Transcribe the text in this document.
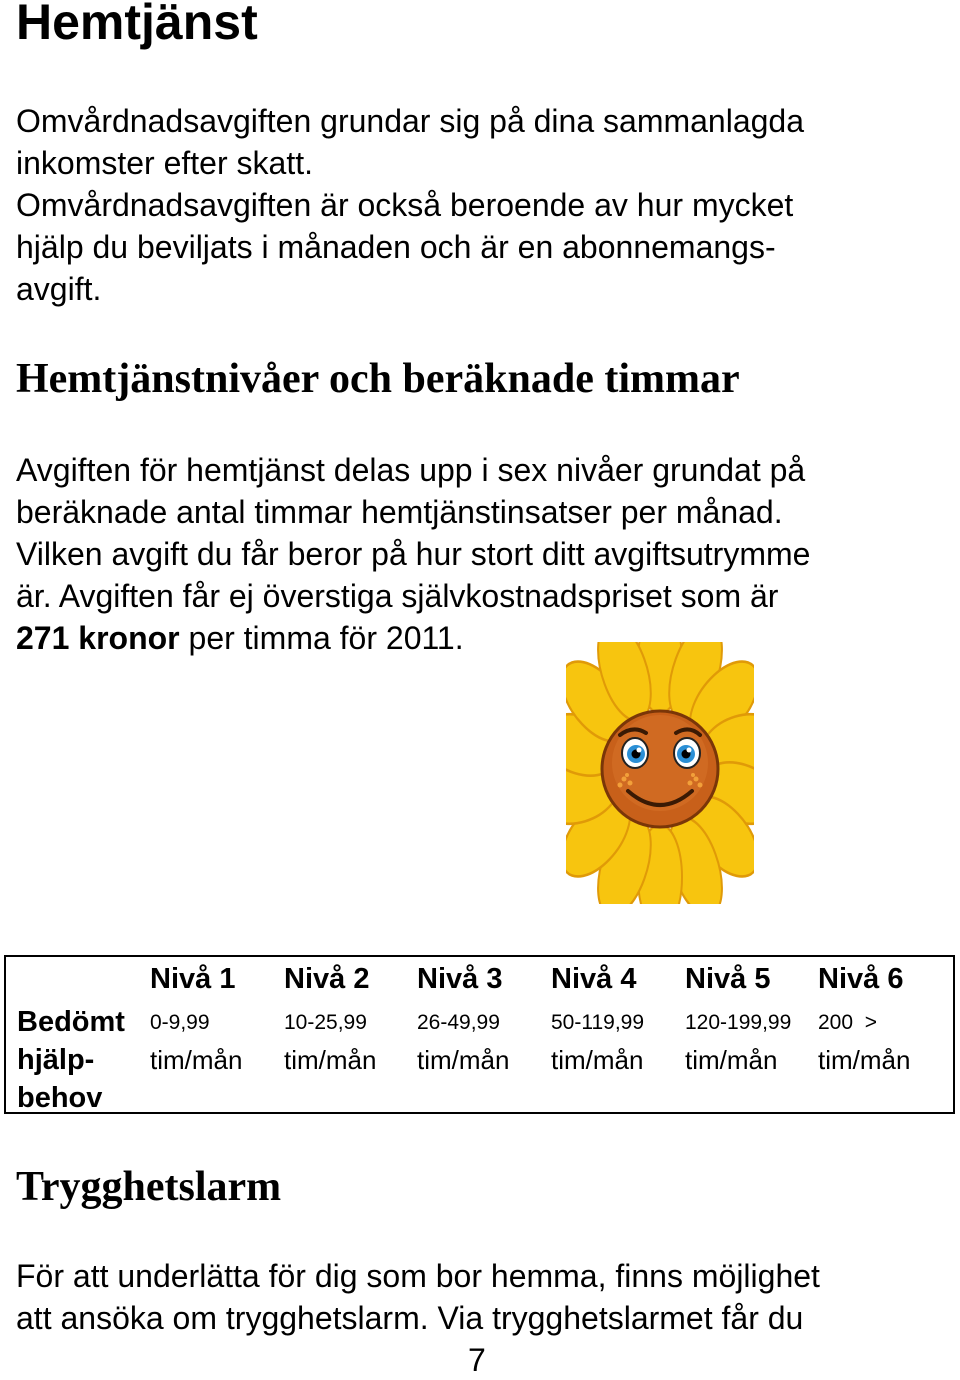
Hemtjänst

Omvårdnadsavgiften grundar sig på dina sammanlagda
inkomster efter skatt.
Omvårdnadsavgiften är också beroende av hur mycket
hjälp du beviljats i månaden och är en abonnemangs-
avgift.

Hemtjänstnivåer och beräknade timmar

Avgiften för hemtjänst delas upp i sex nivåer grundat på
beräknade antal timmar hemtjänstinsatser per månad.
Vilken avgift du får beror på hur stort ditt avgiftsutrymme
är. Avgiften får ej överstiga självkostnadspriset som är
271 kronor per timma för 2011.

Bedömt
hjälp-
behov
Nivå 1 Nivå 2 Nivå 3 Nivå 4 Nivå 5 Nivå 6
0-9,99	10-25,99 26-49,99 50-119,99 120-199,99 200  >
tim/mån tim/mån tim/mån tim/mån tim/mån tim/mån
Trygghetslarm

För att underlätta för dig som bor hemma, finns möjlighet
att ansöka om trygghetslarm. Via trygghetslarmet får du

7
